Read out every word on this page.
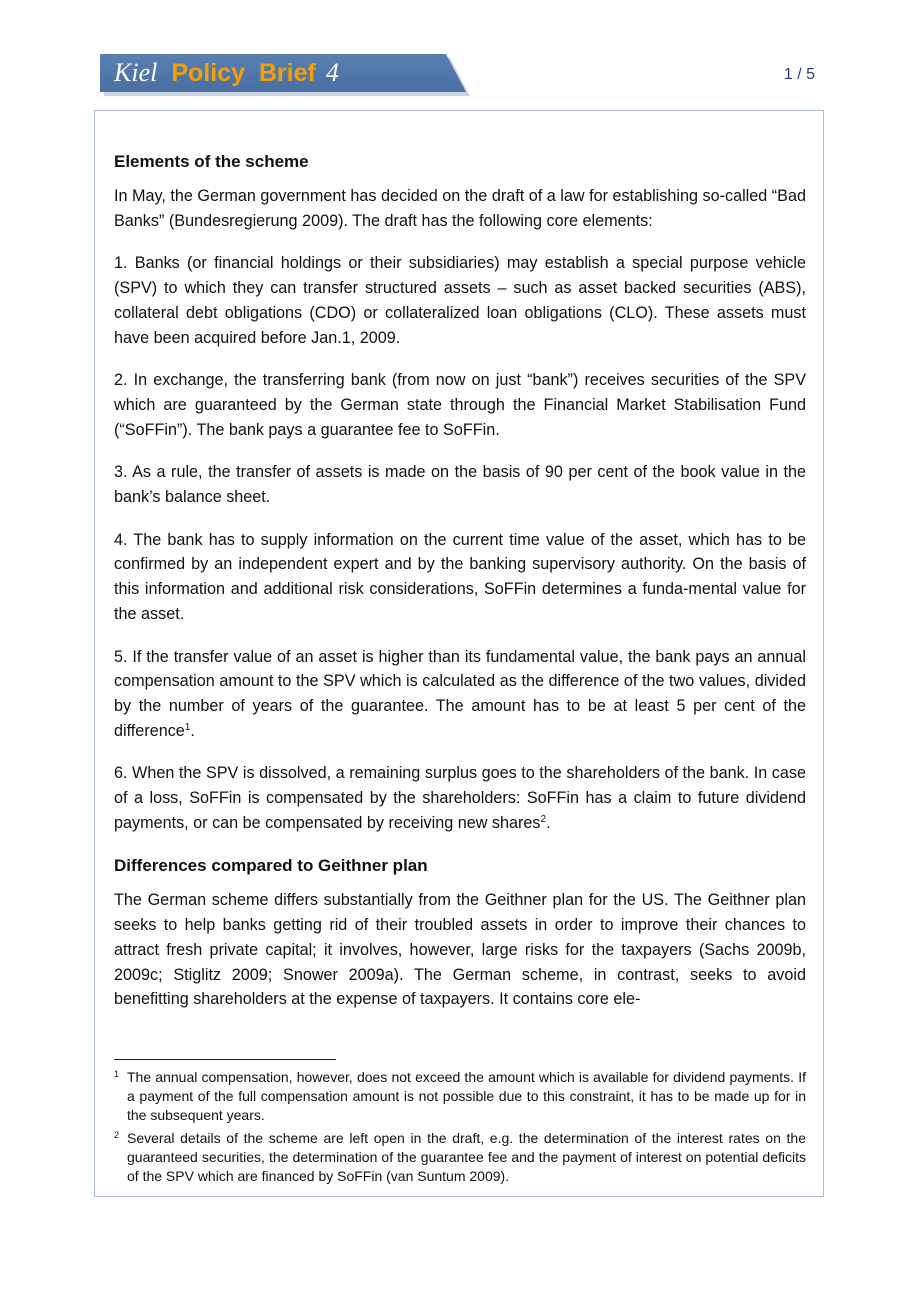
Kiel Policy  Brief 4	1 / 5
Elements of the scheme

In May, the German government has decided on the draft of a law for establishing so-called “Bad Banks” (Bundesregierung 2009). The draft has the following core elements:

1. Banks (or financial holdings or their subsidiaries) may establish a special purpose vehicle (SPV) to which they can transfer structured assets – such as asset backed securities (ABS), collateral debt obligations (CDO) or collateralized loan obligations (CLO). These assets must have been acquired before Jan.1, 2009.

2. In exchange, the transferring bank (from now on just “bank”) receives securities of the SPV which are guaranteed by the German state through the Financial Market Stabilisation Fund (“SoFFin”). The bank pays a guarantee fee to SoFFin.

3. As a rule, the transfer of assets is made on the basis of 90 per cent of the book value in the bank’s balance sheet.

4. The bank has to supply information on the current time value of the asset, which has to be confirmed by an independent expert and by the banking supervisory authority. On the basis of this information and additional risk considerations, SoFFin determines a funda-mental value for the asset.

5. If the transfer value of an asset is higher than its fundamental value, the bank pays an annual compensation amount to the SPV which is calculated as the difference of the two values, divided by the number of years of the guarantee. The amount has to be at least 5 per cent of the difference$^1$.

6. When the SPV is dissolved, a remaining surplus goes to the shareholders of the bank. In case of a loss, SoFFin is compensated by the shareholders: SoFFin has a claim to future dividend payments, or can be compensated by receiving new shares$^2$.

Differences compared to Geithner plan

The German scheme differs substantially from the Geithner plan for the US. The Geithner plan seeks to help banks getting rid of their troubled assets in order to improve their chances to attract fresh private capital; it involves, however, large risks for the taxpayers (Sachs 2009b, 2009c; Stiglitz 2009; Snower 2009a). The German scheme, in contrast, seeks to avoid benefitting shareholders at the expense of taxpayers. It contains core ele-

1 The annual compensation, however, does not exceed the amount which is available for dividend payments. If a payment of the full compensation amount is not possible due to this constraint, it has to be made up for in the subsequent years.
2 Several details of the scheme are left open in the draft, e.g. the determination of the interest rates on the guaranteed securities, the determination of the guarantee fee and the payment of interest on potential deficits of the SPV which are financed by SoFFin (van Suntum 2009).
